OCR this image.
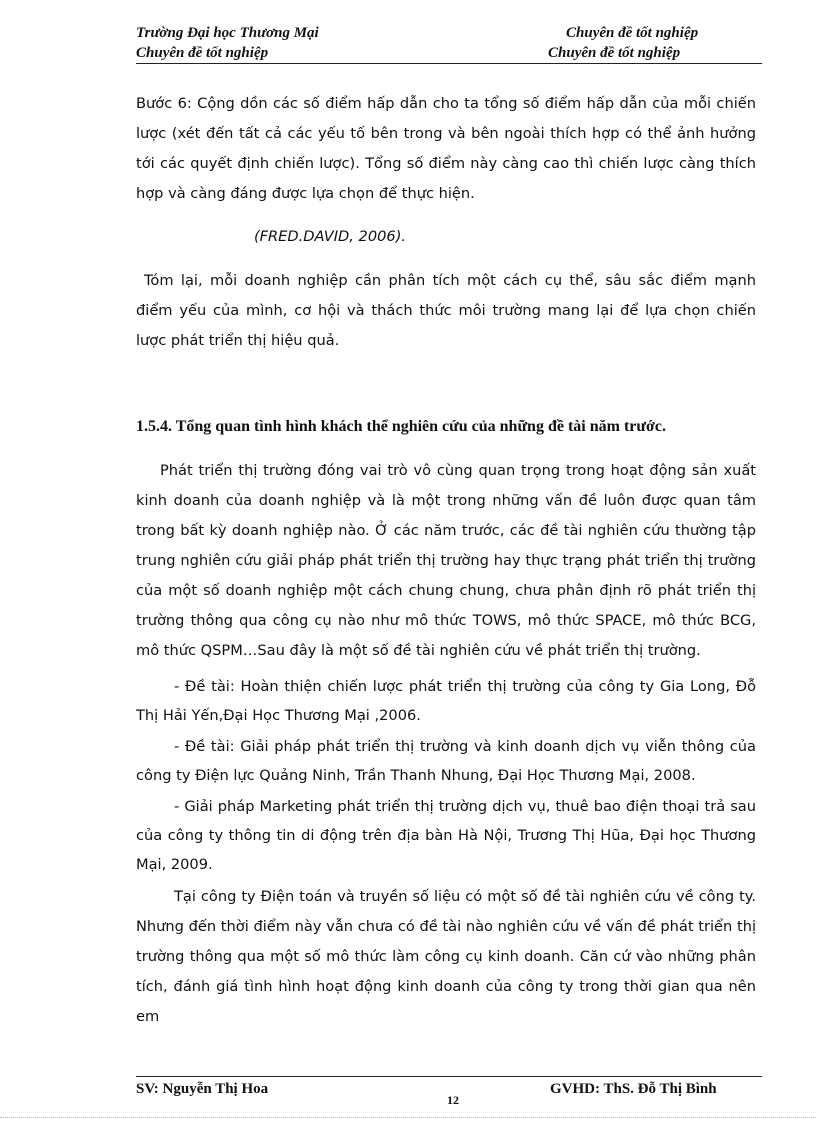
Trường Đại học Thương Mại	Chuyên đề tốt nghiệp
Chuyên đề tốt nghiệp	Chuyên đề tốt nghiệp

Bước 6: Cộng dồn các số điểm hấp dẫn cho ta tổng số điểm hấp dẫn của mỗi chiến lược (xét đến tất cả các yếu tố bên trong và bên ngoài thích hợp có thể ảnh hưởng tới các quyết định chiến lược). Tổng số điểm này càng cao thì chiến lược càng thích hợp và càng đáng được lựa chọn để thực hiện.

(FRED.DAVID, 2006).

Tóm lại, mỗi doanh nghiệp cần phân tích một cách cụ thể, sâu sắc điểm mạnh điểm yếu của mình, cơ hội và thách thức môi trường mang lại để lựa chọn chiến lược phát triển thị hiệu quả.

1.5.4. Tổng quan tình hình khách thể nghiên cứu của những đề tài năm trước.

Phát triển thị trường đóng vai trò vô cùng quan trọng trong hoạt động sản xuất kinh doanh của doanh nghiệp và là một trong những vấn đề luôn được quan tâm trong bất kỳ doanh nghiệp nào. Ở các năm trước, các đề tài nghiên cứu thường tập trung nghiên cứu giải pháp phát triển thị trường hay thực trạng phát triển thị trường của một số doanh nghiệp một cách chung chung, chưa phân định rõ phát triển thị trường thông qua công cụ nào như mô thức TOWS, mô thức SPACE, mô thức BCG, mô thức QSPM…Sau đây là một số đề tài nghiên cứu về phát triển thị trường.

- Đề tài: Hoàn thiện chiến lược phát triển thị trường của công ty Gia Long, Đỗ Thị Hải Yến,Đại Học Thương Mại ,2006.

- Đề tài: Giải pháp phát triển thị trường và kinh doanh dịch vụ viễn thông của công ty Điện lực Quảng Ninh, Trần Thanh Nhung, Đại Học Thương Mại, 2008.

- Giải pháp Marketing phát triển thị trường dịch vụ, thuê bao điện thoại trả sau của công ty thông tin di động trên địa bàn Hà Nội, Trương Thị Hũa, Đại học Thương Mại, 2009.

Tại công ty Điện toán và truyền số liệu có một số đề tài nghiên cứu về công ty. Nhưng đến thời điểm này vẫn chưa có đề tài nào nghiên cứu về vấn đề phát triển thị trường thông qua một số mô thức làm công cụ kinh doanh. Căn cứ vào những phân tích, đánh giá tình hình hoạt động kinh doanh của công ty trong thời gian qua nên em

SV: Nguyễn Thị Hoa
12
GVHD: ThS. Đỗ Thị Bình
